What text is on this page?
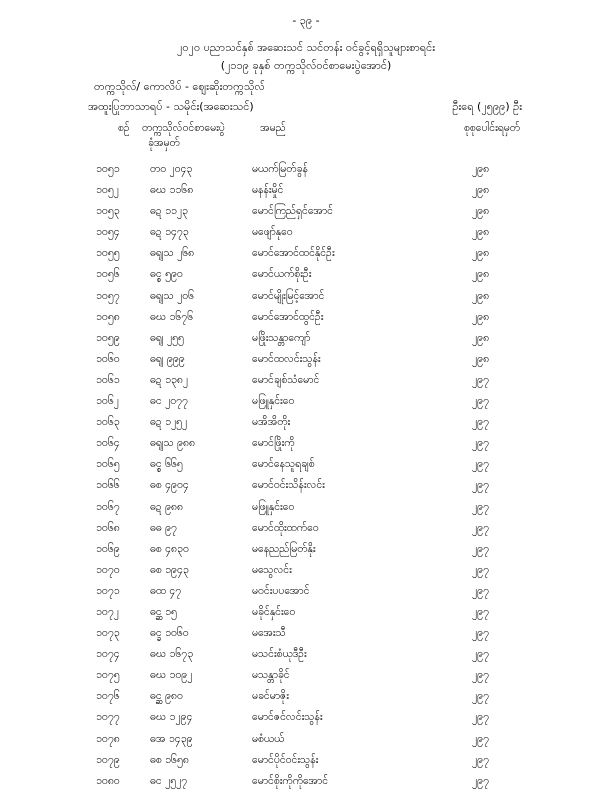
- ၃၉ -
၂၀၂၀ ပညာသင်နှစ် အဆေးသင် သင်တန်း ဝင်ခွင့်ရရှိသူများစာရင်း
(၂၁၁၉ ခုနှစ် တက္ကသိုလ်ဝင်စာမေးပွဲအောင်)
တက္ကသိုလ်/ ကောလိပ် - ဈေးဆိုးတက္ကသိုလ်
အထူးပြုဘာသာရပ် - သမိုင်း(အဆေးသင်)	ဦးရေ (၂၅၉၉) ဦး
စဉ် တက္ကသိုလ်ဝင်စာမေးပွဲ
ခုံအမှတ်
အမည်	စုစုပေါင်းရမှတ်
၁၀၅၁	တဝ ၂၀၄၃	မယက်မြတ်ခွန်	၂၉၈
၁၀၅၂	ဓဃ ၁၁၆၈	မနန်းမှိုင်	၂၉၈
၁၀၅၃	ဓဍ ၁၁၂၃	မောင်ကြည်ရှင်အောင်	၂၉၈
၁၀၅၄	ဓဍ ၁၄၇၃	မဖျော်နုဝေ	၂၉၈
၁၀၅၅	ဓရျသ ၂၆၈	မောင်အောင်ထင်နိုင်ဦး	၂၉၈
၁၀၅၆	ဓင္စ ၅၉၀	မောင်ယက်စိုးဦး	၂၉၈
၁၀၅၇	ဓရျသ ၂၀၆	မောင်မျိုးမြင့်အောင်	၂၉၈
၁၀၅၈	ဓဃ ၁၆၇၆	မောင်အောင်ထွင်ဦး	၂၉၈
၁၀၅၉	ဓရျ ၂၅၅	မဖြိုးသန္တာကျော်	၂၉၈
၁၀၆၀	ဓရျ ၉၉၉	မောင်ထလင်းသွန်း	၂၉၈
၁၀၆၁	ဓဍ ၁၃၈၂	မောင်ချစ်သံမောင်	၂၉၇
၁၀၆၂	ဓင ၂၀၇၇	မဖြူနှင်းဝေ	၂၉၇
၁၀၆၃	ဓဍ ၁၂၅၂	မအိအိတိုး	၂၉၇
၁၀၆၄	ဓရျသ ၉၈၈	မောင်ဖြိုးကို	၂၉၇
၁၀၆၅	ဓင္စ ၆၆၅	မောင်နေသူရချစ်	၂၉၇
၁၀၆၆	ဓစ ၄၉၀၄	မောင်ဝင်းသိန်းလင်း	၂၉၇
၁၀၆၇	ဓဍ ၉၈၈	မဖြူနှင်းဝေ	၂၉၇
၁၀၆၈	ဓဓ ၉၇	မောင်ထိုးထက်ဝေ	၂၉၇
၁၀၆၉	ဓစ ၄၈၃၀	မနေညည်မြတ်နိုး	၂၉၇
၁၀၇၀	ဓစ ၁၉၄၃	မသွေလင်း	၂၉၇
၁၀၇၁	ဓထ ၄၇	မဝင်းပပအောင်	၂၉၇
၁၀၇၂	ဓင္ဆ ၁၅	မခိုင်နှင်းဝေ	၂၉၇
၁၀၇၃	ဓင္ခ ၁၀၆၀	မအေးသီ	၂၉၇
၁၀၇၄	ဓဃ ၁၆၇၃	မသင်းစံယုဒီဦး	၂၉၇
၁၀၇၅	ဓဃ ၁၀၉၂	မသန္တာခိုင်	၂၉၇
၁၀၇၆	ဓင္ဆ ၉၈၀	မခင်မာဇိုး	၂၉၇
၁၀၇၇	ဓဃ ၁၂၉၄	မောင်ဇင်လင်းသွန်း	၂၉၇
၁၀၇၈	ဓအ ၁၄၃၉	မစံယယ်	၂၉၇
၁၀၇၉	ဓစ ၁၆၅၈	မောင်ပိုင်ဝင်းသွန်း	၂၉၇
၁၀၈၀	ဓင ၂၅၂၇	မောင်စိုးကိုကိုအောင်	၂၉၇
